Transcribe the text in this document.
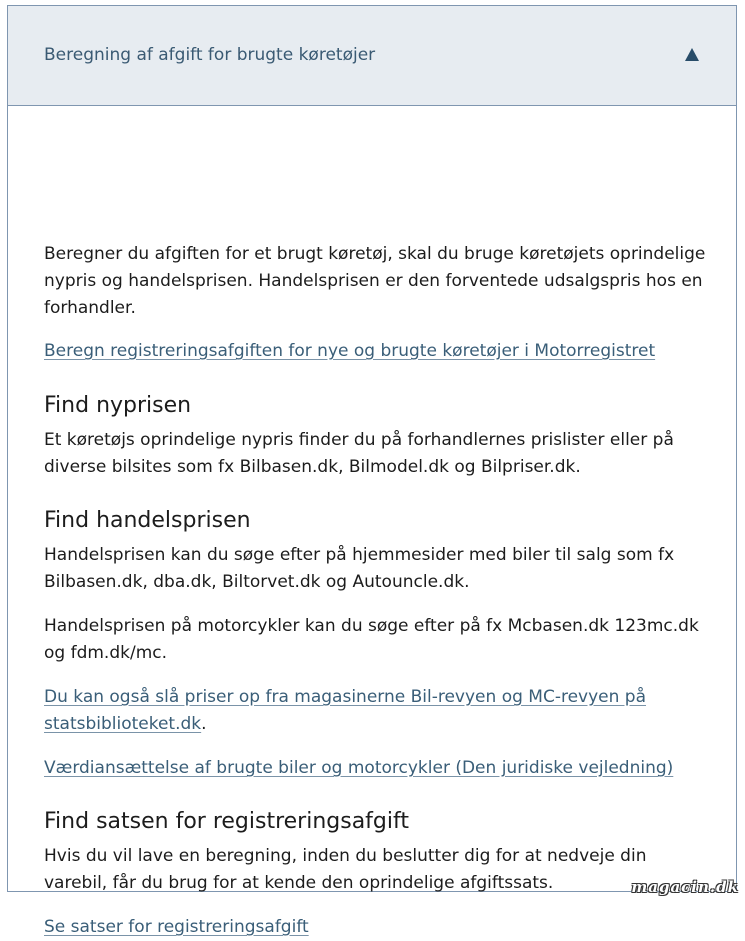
Beregning af afgift for brugte køretøjer

Beregner du afgiften for et brugt køretøj, skal du bruge køretøjets oprindelige nypris og handelsprisen. Handelsprisen er den forventede udsalgspris hos en forhandler.

Beregn registreringsafgiften for nye og brugte køretøjer i Motorregistret

Find nyprisen

Et køretøjs oprindelige nypris finder du på forhandlernes prislister eller på diverse bilsites som fx Bilbasen.dk, Bilmodel.dk og Bilpriser.dk.

Find handelsprisen

Handelsprisen kan du søge efter på hjemmesider med biler til salg som fx Bilbasen.dk, dba.dk, Biltorvet.dk og Autouncle.dk.

Handelsprisen på motorcykler kan du søge efter på fx Mcbasen.dk 123mc.dk og fdm.dk/mc.

Du kan også slå priser op fra magasinerne Bil-revyen og MC-revyen på statsbiblioteket.dk.

Værdiansættelse af brugte biler og motorcykler (Den juridiske vejledning)

Find satsen for registreringsafgift

Hvis du vil lave en beregning, inden du beslutter dig for at nedveje din varebil, får du brug for at kende den oprindelige afgiftssats.

Se satser for registreringsafgift	magacin.dk
